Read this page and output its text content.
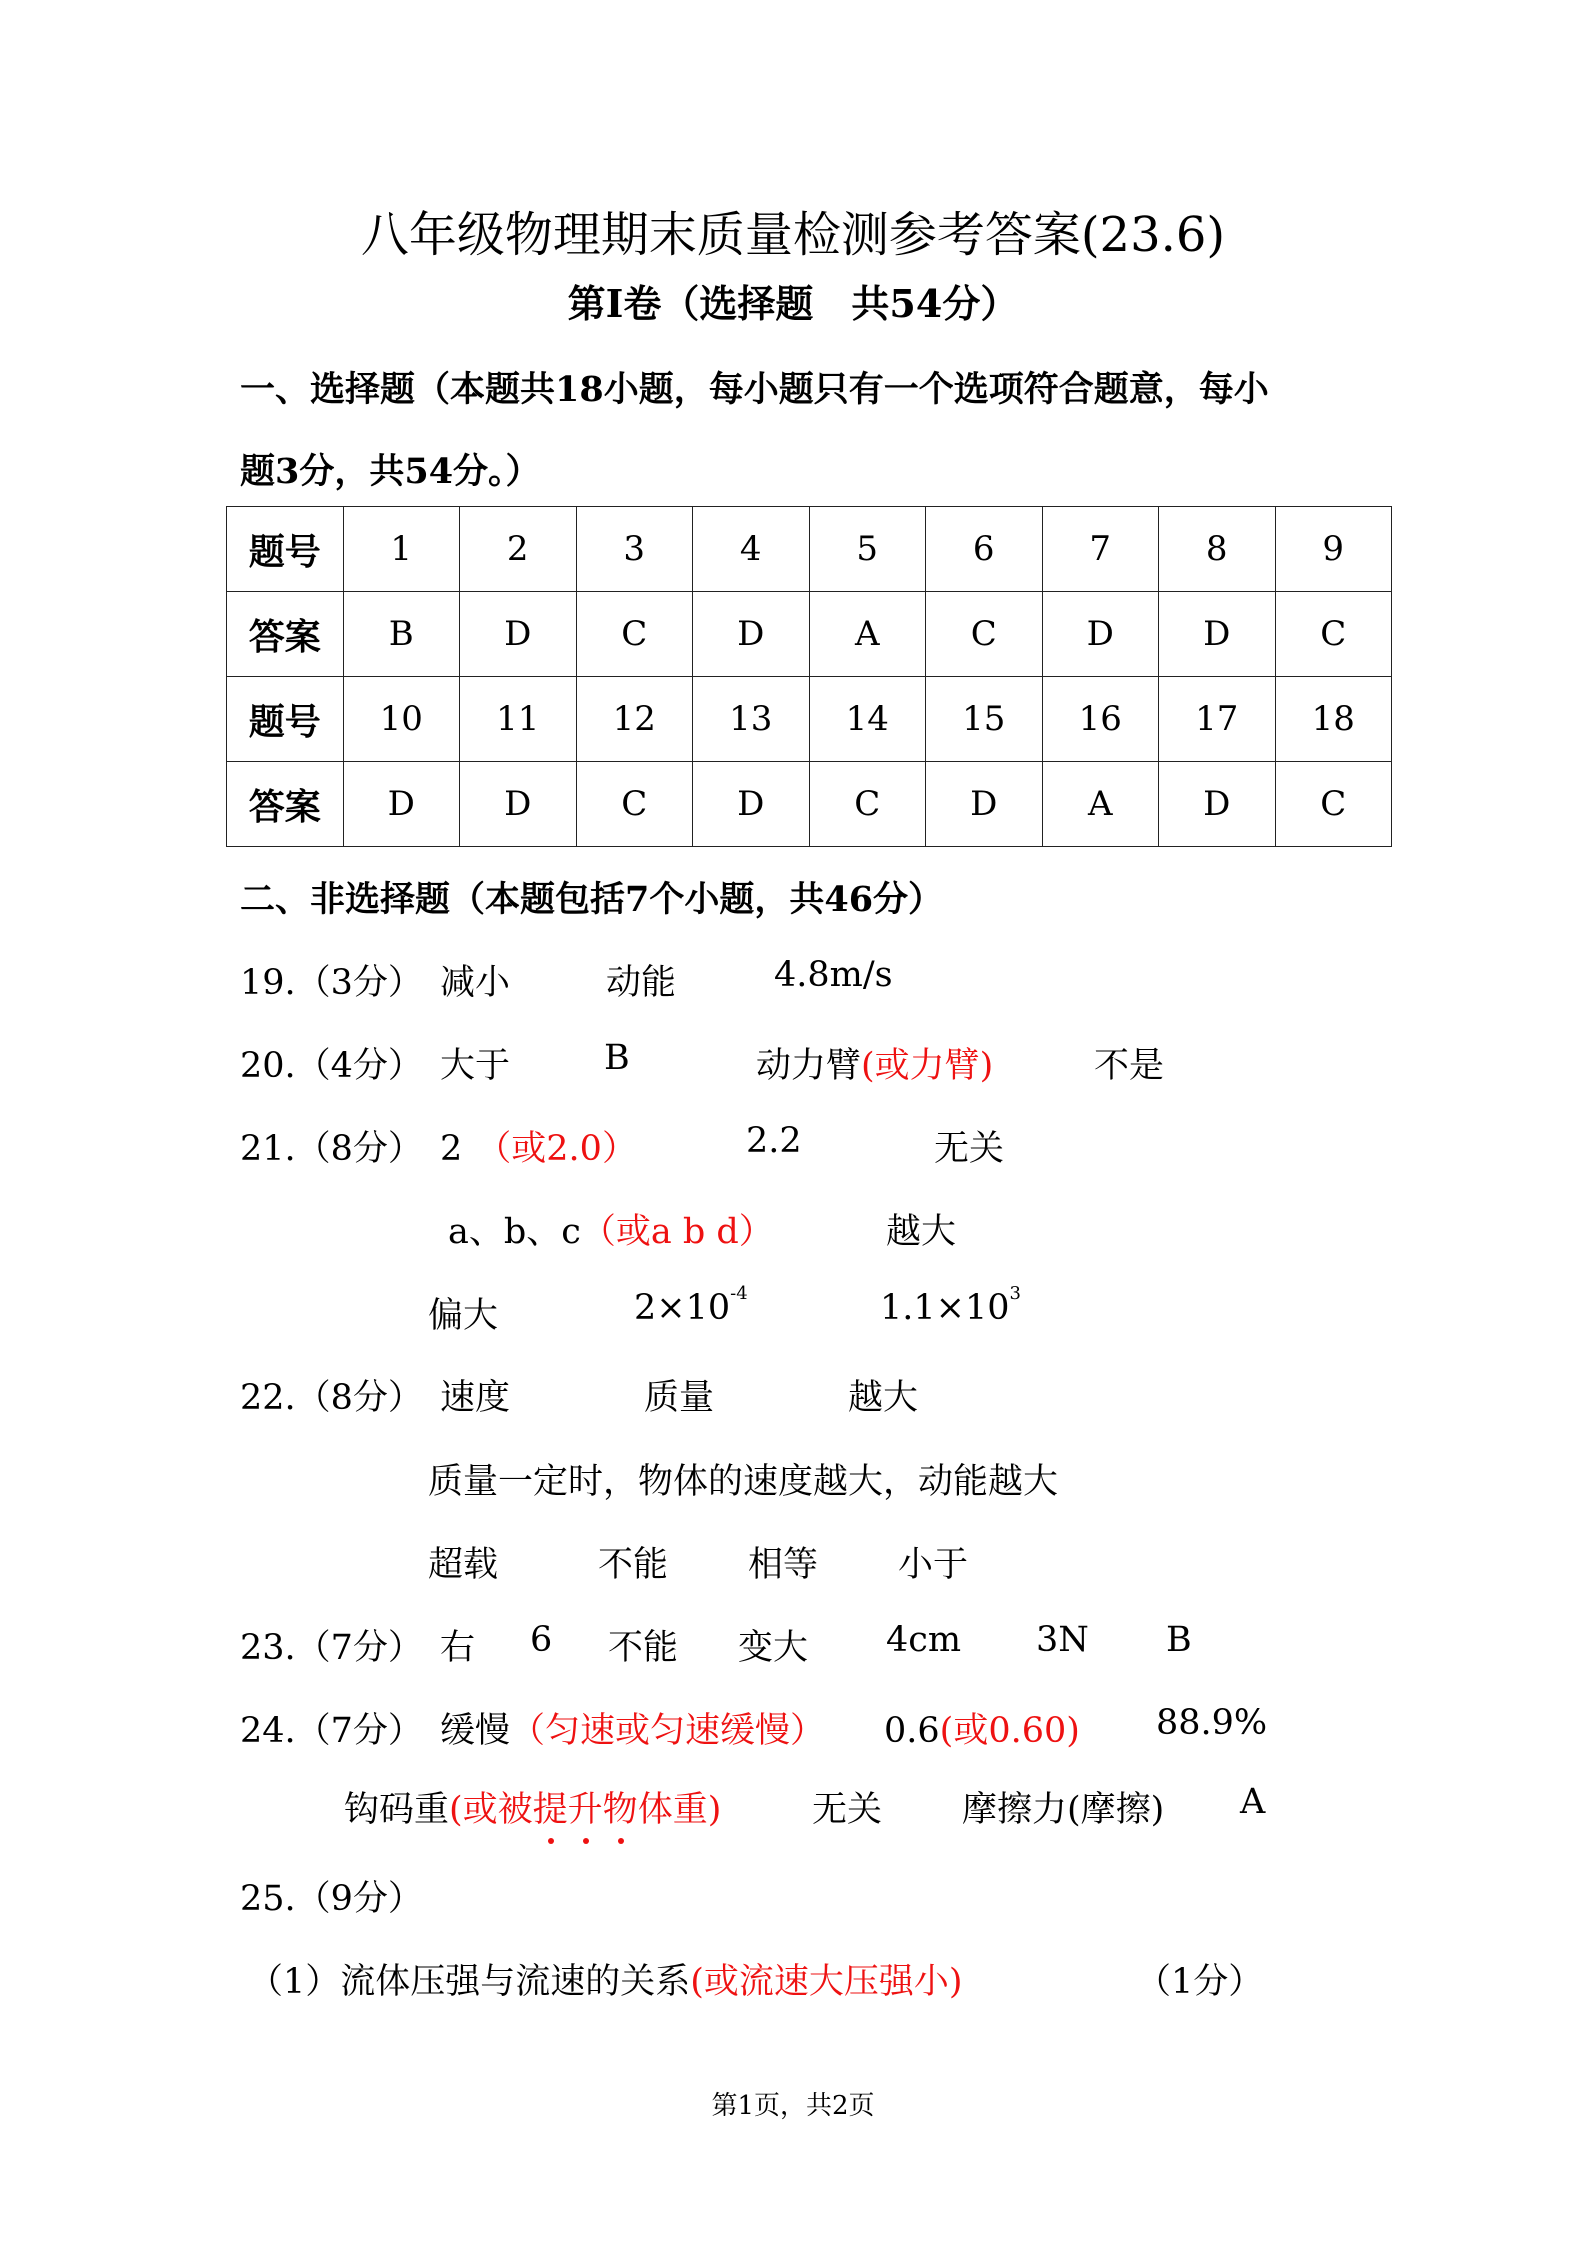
八年级物理期末质量检测参考答案(23.6)
第Ⅰ卷（选择题　共54分）
一、选择题（本题共18小题，每小题只有一个选项符合题意，每小
题3分，共54分。）
题号	1	2	3	4	5	6	7	8	9
答案	B	D	C	D	A	C	D	D	C
题号	10	11	12	13	14	15	16	17	18
答案	D	D	C	D	C	D	A	D	C
二、非选择题（本题包括7个小题，共46分）
19.（3分） 减小	动能	4.8m/s
20.（4分） 大于	B	动力臂(或力臂)	不是
21.（8分） 2 （或2.0）	2.2	无关
a、b、c（或a b d）	越大
偏大	$2\times 10^{-4}$	$1.1\times 10^3$
22.（8分） 速度	质量	越大
质量一定时，物体的速度越大，动能越大
超载	不能 相等 小于
23.（7分） 右 6 不能 变大 4cm 3N B
24.（7分） 缓慢（匀速或匀速缓慢） 0.6(或0.60) 88.9%
钩码重(或被提升物
体重)	无关 摩擦力(摩擦) A
25.（9分）
（1）流体压强与流速的关系(或流速大压强小)	（1分）
第1页，共2页
